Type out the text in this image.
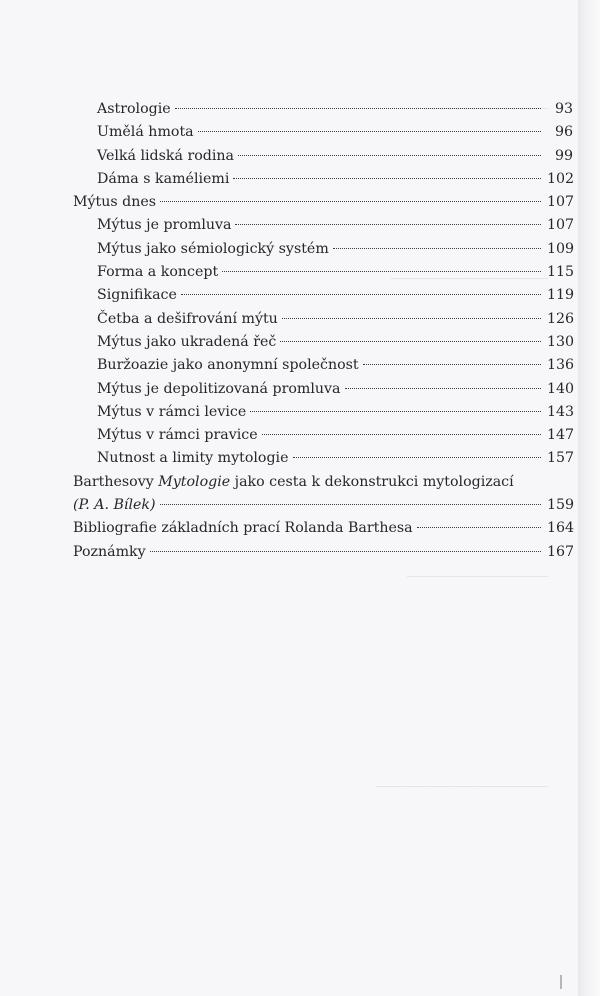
────────────────
────────────────────
──────────────────
──────────────────────
Astrologie	93
Umělá hmota	96
Velká lidská rodina	99
Dáma s kaméliemi	102
Mýtus dnes	107
Mýtus je promluva	107
Mýtus jako sémiologický systém	109
Forma a koncept	115
Signifikace	119
Četba a dešifrování mýtu	126
Mýtus jako ukradená řeč	130
Buržoazie jako anonymní společnost	136
Mýtus je depolitizovaná promluva	140
Mýtus v rámci levice	143
Mýtus v rámci pravice	147
Nutnost a limity mytologie	157
Barthesovy Mytologie jako cesta k dekonstrukci mytologizací
(P. A. Bílek)	159
Bibliografie základních prací Rolanda Barthesa	164
Poznámky	167
